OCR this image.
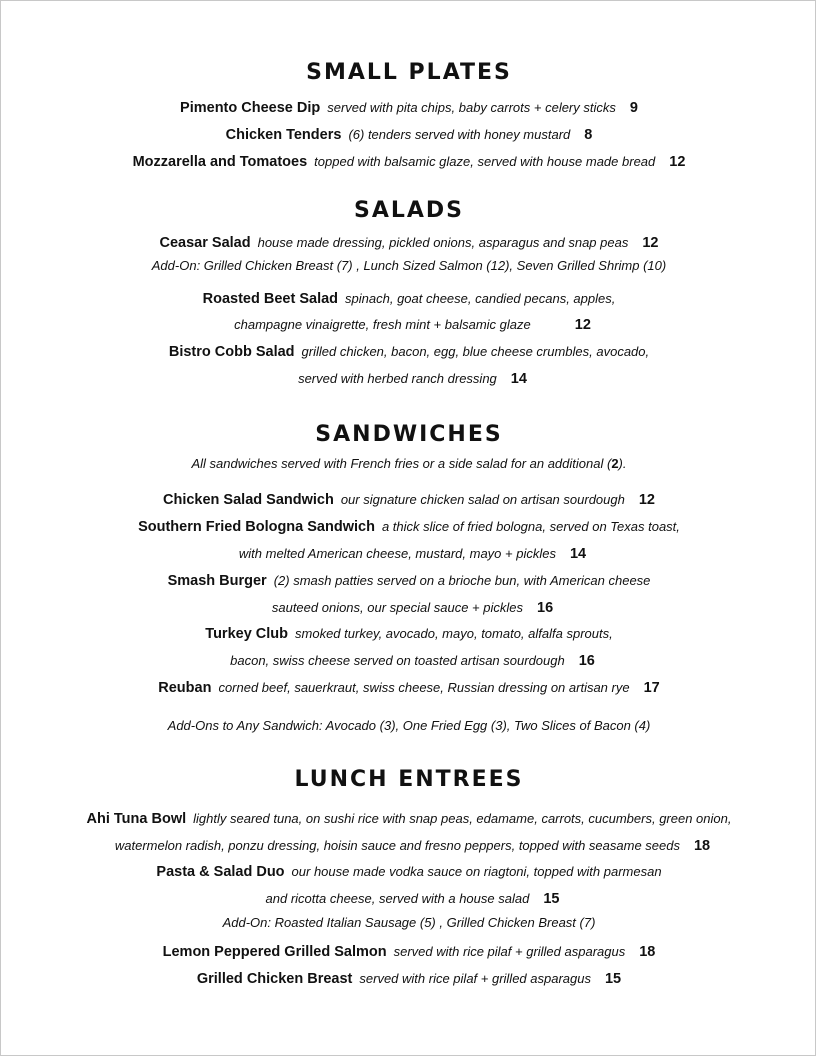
SMALL PLATES
Pimento Cheese Dip served with pita chips, baby carrots + celery sticks 9
Chicken Tenders (6) tenders served with honey mustard 8
Mozzarella and Tomatoes topped with balsamic glaze, served with house made bread 12
SALADS
Ceasar Salad house made dressing, pickled onions, asparagus and snap peas 12
Add-On: Grilled Chicken Breast (7) , Lunch Sized Salmon (12), Seven Grilled Shrimp (10)
Roasted Beet Salad spinach, goat cheese, candied pecans, apples,
champagne vinaigrette, fresh mint + balsamic glaze	12
Bistro Cobb Salad grilled chicken, bacon, egg, blue cheese crumbles, avocado,
served with herbed ranch dressing 14
SANDWICHES
All sandwiches served with French fries or a side salad for an additional (2).
Chicken Salad Sandwich our signature chicken salad on artisan sourdough 12
Southern Fried Bologna Sandwich a thick slice of fried bologna, served on Texas toast,
with melted American cheese, mustard, mayo + pickles 14
Smash Burger (2) smash patties served on a brioche bun, with American cheese
sauteed onions, our special sauce + pickles 16
Turkey Club smoked turkey, avocado, mayo, tomato, alfalfa sprouts,
bacon, swiss cheese served on toasted artisan sourdough 16
Reuban corned beef, sauerkraut, swiss cheese, Russian dressing on artisan rye 17
Add-Ons to Any Sandwich: Avocado (3), One Fried Egg (3), Two Slices of Bacon (4)
LUNCH ENTREES
Ahi Tuna Bowl lightly seared tuna, on sushi rice with snap peas, edamame, carrots, cucumbers, green onion,
watermelon radish, ponzu dressing, hoisin sauce and fresno peppers, topped with seasame seeds 18
Pasta & Salad Duo our house made vodka sauce on riagtoni, topped with parmesan
and ricotta cheese, served with a house salad 15
Add-On: Roasted Italian Sausage (5) , Grilled Chicken Breast (7)
Lemon Peppered Grilled Salmon served with rice pilaf + grilled asparagus 18
Grilled Chicken Breast served with rice pilaf + grilled asparagus 15
